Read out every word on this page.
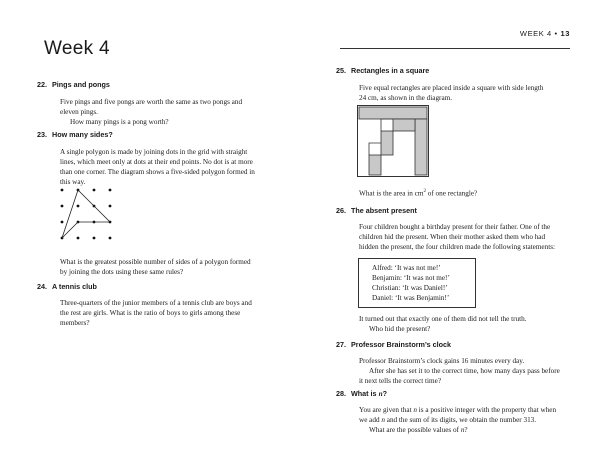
Week 4
WEEK 4 • 13
22. Pings and pongs
Five pings and five pongs are worth the same as two pongs and
eleven pings.
How many pings is a pong worth?
23. How many sides?
A single polygon is made by joining dots in the grid with straight
lines, which meet only at dots at their end points. No dot is at more
than one corner. The diagram shows a five-sided polygon formed in
this way.
What is the greatest possible number of sides of a polygon formed
by joining the dots using these same rules?
24. A tennis club
Three-quarters of the junior members of a tennis club are boys and
the rest are girls. What is the ratio of boys to girls among these
members?
25. Rectangles in a square
Five equal rectangles are placed inside a square with side length
24 cm, as shown in the diagram.
What is the area in $cm^2$ of one rectangle?
26. The absent present
Four children bought a birthday present for their father. One of the
children hid the present. When their mother asked them who had
hidden the present, the four children made the following statements:
Alfred: ‘It was not me!’
Benjamin: ‘It was not me!’
Christian: ‘It was Daniel!’
Daniel: ‘It was Benjamin!’
It turned out that exactly one of them did not tell the truth.
Who hid the present?
27. Professor Brainstorm’s clock
Professor Brainstorm’s clock gains 16 minutes every day.
After she has set it to the correct time, how many days pass before
it next tells the correct time?
28. What is n?
You are given that n is a positive integer with the property that when
we add n and the sum of its digits, we obtain the number 313.
What are the possible values of n?
